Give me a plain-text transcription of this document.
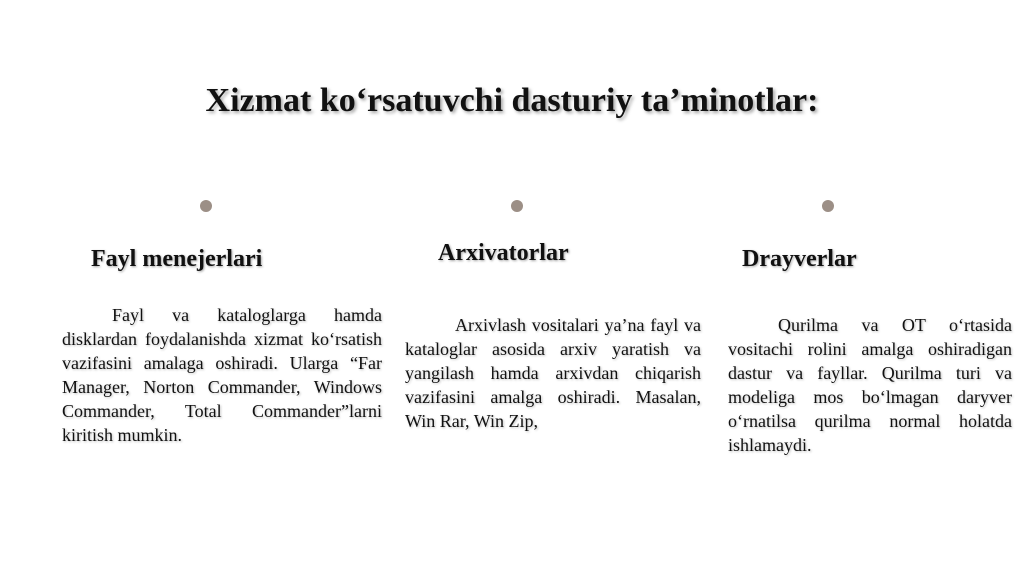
Xizmat ko‘rsatuvchi dasturiy ta’minotlar:
Fayl menejerlari	Arxivatorlar	Drayverlar

Fayl va kataloglarga hamda disklardan foydalanishda xizmat ko‘rsatish vazifasini amalaga oshiradi. Ularga “Far Manager, Norton Commander, Windows Commander, Total Commander”larni kiritish mumkin.

Arxivlash vositalari ya’na fayl va kataloglar asosida arxiv yaratish va yangilash hamda arxivdan chiqarish vazifasini amalga oshiradi. Masalan, Win Rar, Win Zip,

Qurilma va OT o‘rtasida vositachi rolini amalga oshiradigan dastur va fayllar. Qurilma turi va modeliga mos bo‘lmagan daryver o‘rnatilsa qurilma normal holatda ishlamaydi.
